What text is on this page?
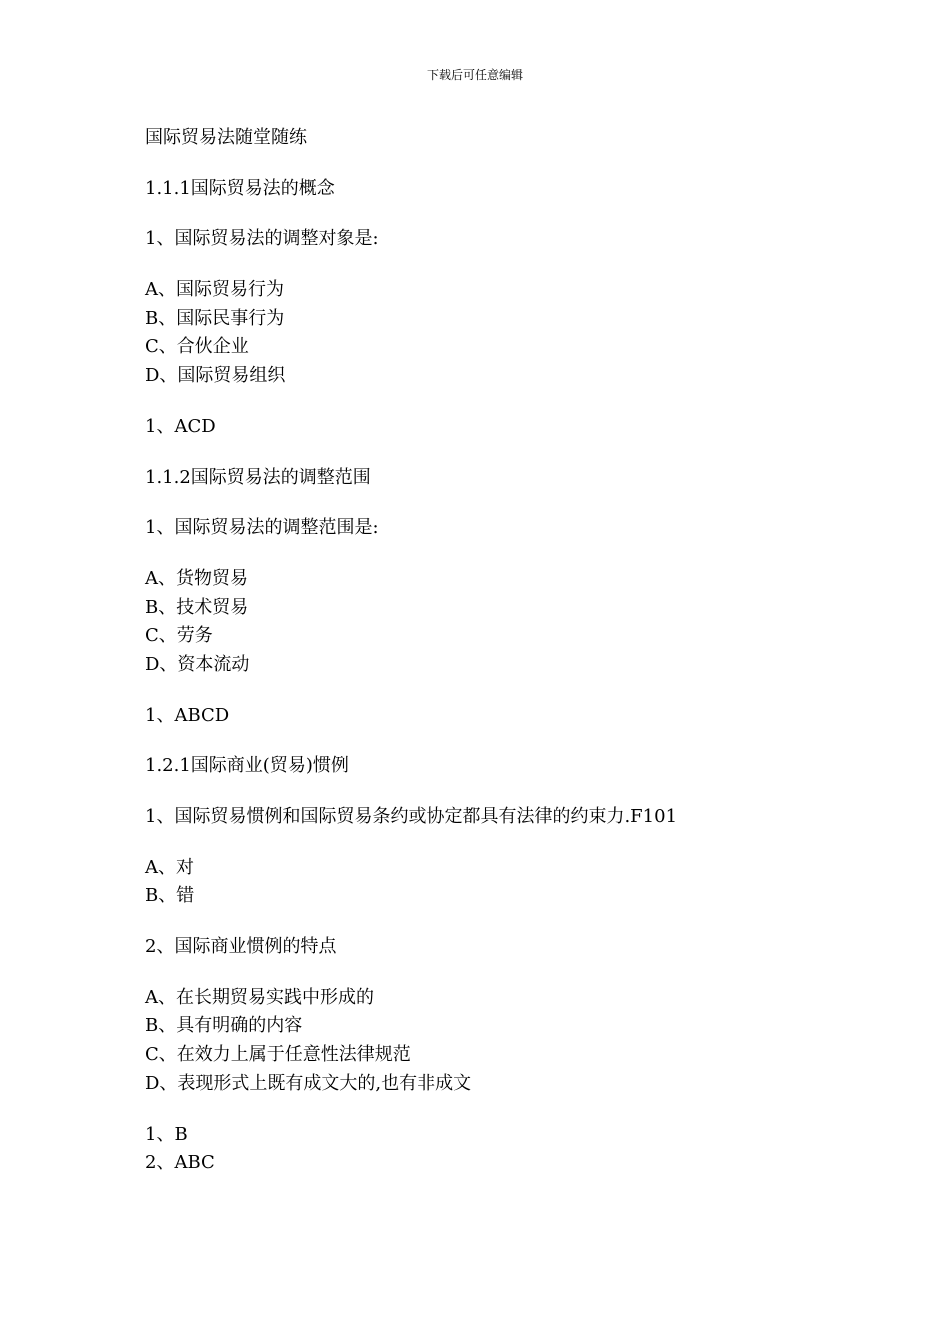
下载后可任意编辑
国际贸易法随堂随练
1.1.1国际贸易法的概念
1、国际贸易法的调整对象是:
A、国际贸易行为
B、国际民事行为
C、合伙企业
D、国际贸易组织
1、ACD
1.1.2国际贸易法的调整范围
1、国际贸易法的调整范围是:
A、货物贸易
B、技术贸易
C、劳务
D、资本流动
1、ABCD
1.2.1国际商业(贸易)惯例
1、国际贸易惯例和国际贸易条约或协定都具有法律的约束力.F101
A、对
B、错
2、国际商业惯例的特点
A、在长期贸易实践中形成的
B、具有明确的内容
C、在效力上属于任意性法律规范
D、表现形式上既有成文大的,也有非成文
1、B
2、ABC
